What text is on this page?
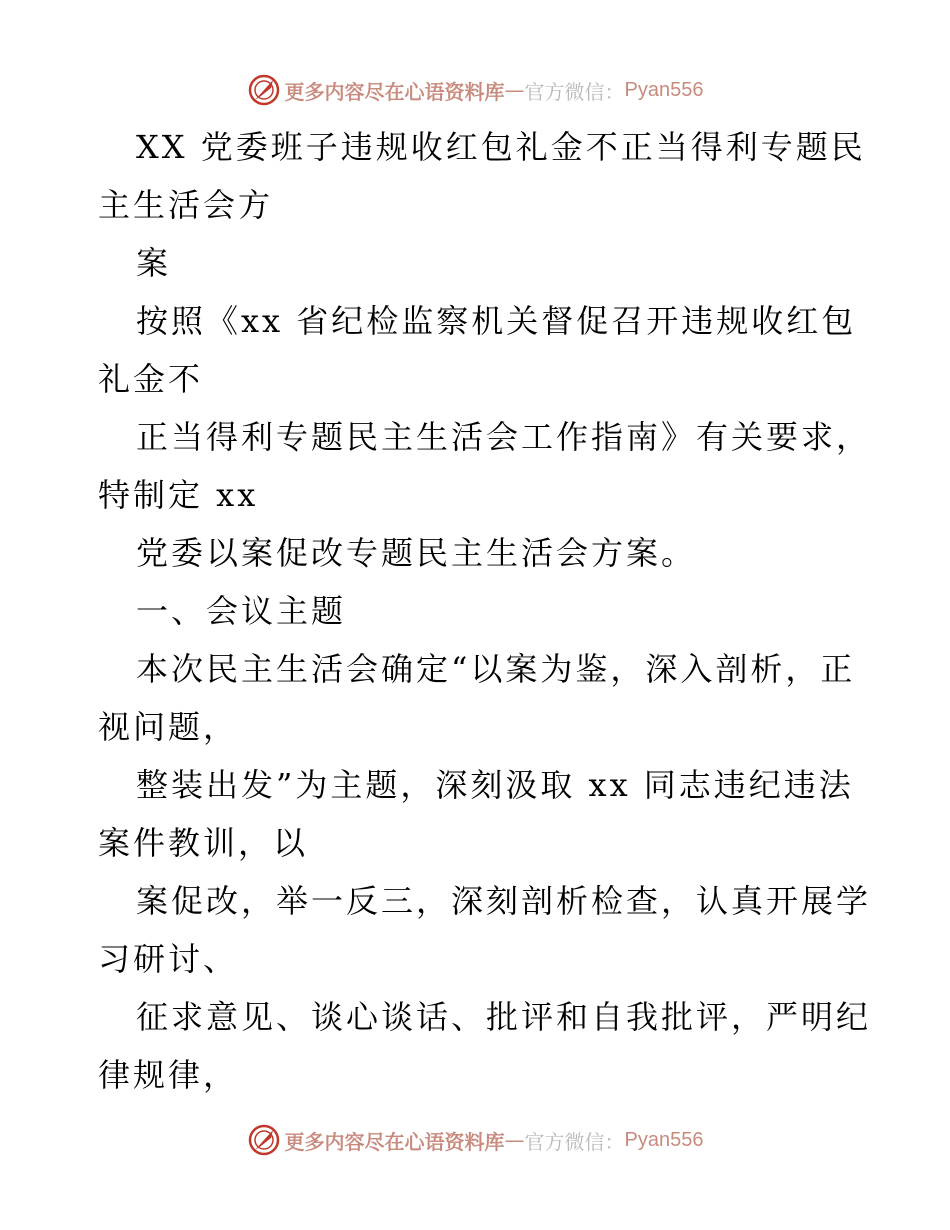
更多内容尽在心语资料库 — 官方微信： Pyan556
XX 党委班子违规收红包礼金不正当得利专题民
主生活会方
案
按照《xx 省纪检监察机关督促召开违规收红包
礼金不
正当得利专题民主生活会工作指南》有关要求，
特制定 xx
党委以案促改专题民主生活会方案。
一、会议主题
本次民主生活会确定“以案为鉴，深入剖析，正
视问题，
整装出发”为主题，深刻汲取 xx 同志违纪违法
案件教训，以
案促改，举一反三，深刻剖析检查，认真开展学
习研讨、
征求意见、谈心谈话、批评和自我批评，严明纪
律规律，
更多内容尽在心语资料库 — 官方微信： Pyan556
